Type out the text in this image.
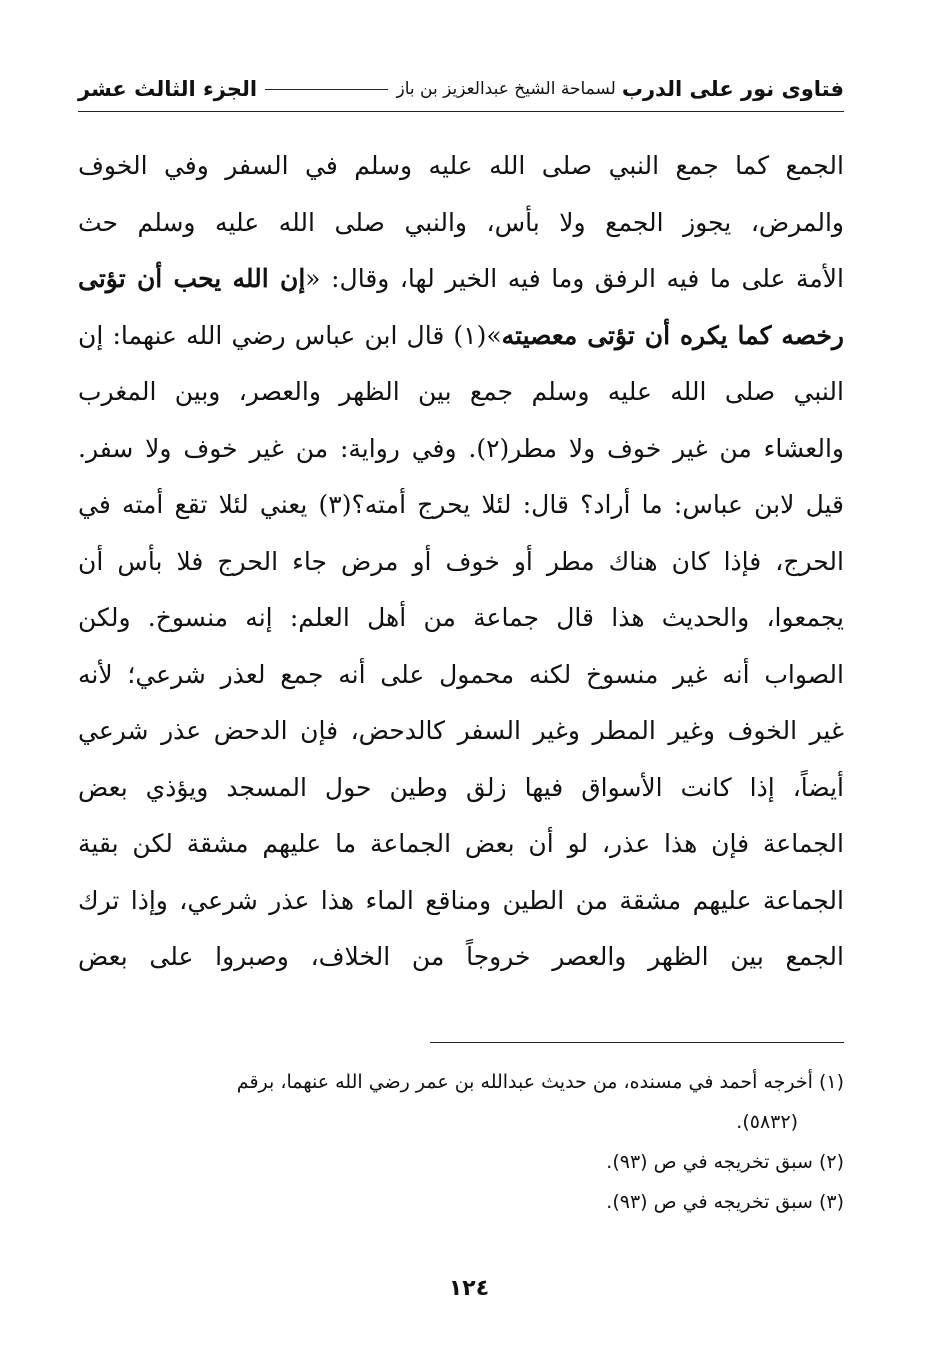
فتاوى نور على الدرب
لسماحة الشيخ عبدالعزيز بن باز
الجزء الثالث عشر
الجمع كما جمع النبي صلى الله عليه وسلم في السفر وفي الخوف
والمرض، يجوز الجمع ولا بأس، والنبي صلى الله عليه وسلم حث
الأمة على ما فيه الرفق وما فيه الخير لها، وقال: «إن الله يحب أن تؤتى
رخصه كما يكره أن تؤتى معصيته»(١) قال ابن عباس رضي الله عنهما: إن
النبي صلى الله عليه وسلم جمع بين الظهر والعصر، وبين المغرب
والعشاء من غير خوف ولا مطر(٢). وفي رواية: من غير خوف ولا سفر.
قيل لابن عباس: ما أراد؟ قال: لئلا يحرج أمته؟(٣) يعني لئلا تقع أمته في
الحرج، فإذا كان هناك مطر أو خوف أو مرض جاء الحرج فلا بأس أن
يجمعوا، والحديث هذا قال جماعة من أهل العلم: إنه منسوخ. ولكن
الصواب أنه غير منسوخ لكنه محمول على أنه جمع لعذر شرعي؛ لأنه
غير الخوف وغير المطر وغير السفر كالدحض، فإن الدحض عذر شرعي
أيضاً، إذا كانت الأسواق فيها زلق وطين حول المسجد ويؤذي بعض
الجماعة فإن هذا عذر، لو أن بعض الجماعة ما عليهم مشقة لكن بقية
الجماعة عليهم مشقة من الطين ومناقع الماء هذا عذر شرعي، وإذا ترك
الجمع بين الظهر والعصر خروجاً من الخلاف، وصبروا على بعض
(١) أخرجه أحمد في مسنده، من حديث عبدالله بن عمر رضي الله عنهما، برقم
(٥٨٣٢).
(٢) سبق تخريجه في ص (٩٣).
(٣) سبق تخريجه في ص (٩٣).
١٢٤
